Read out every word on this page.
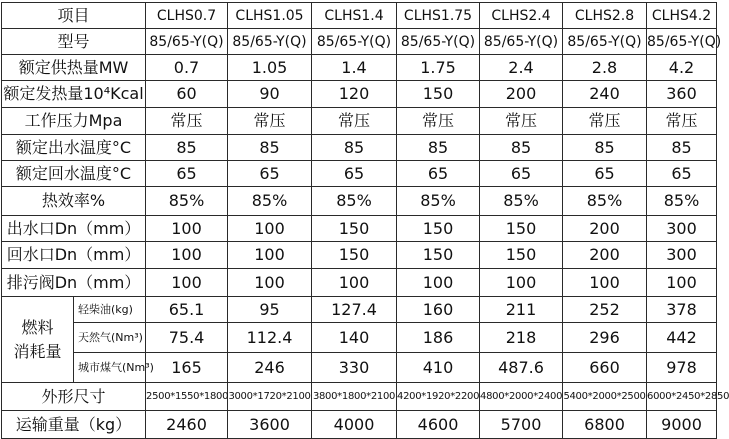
项目		CLHS0.7	CLHS1.05	CLHS1.4	CLHS1.75	CLHS2.4	CLHS2.8	CLHS4.2
型号		85/65-Y(Q)	85/65-Y(Q)	85/65-Y(Q)	85/65-Y(Q)	85/65-Y(Q)	85/65-Y(Q)	85/65-Y(Q)
额定供热量MW		0.7	1.05	1.4	1.75	2.4	2.8	4.2
额定发热量10⁴Kcal		60	90	120	150	200	240	360
工作压力Mpa		常压	常压	常压	常压	常压	常压	常压
额定出水温度°C		85	85	85	85	85	85	85
额定回水温度°C		65	65	65	65	65	65	65
热效率%		85%	85%	85%	85%	85%	85%	85%
出水口Dn（mm）		100	100	150	150	150	200	300
回水口Dn（mm）		100	100	150	150	150	200	300
排污阀Dn（mm）		100	100	100	100	100	100	100

燃料
消耗量	轻柴油(kg)	65.1	95	127.4	160	211	252	378
	天然气(Nm³)	75.4	112.4	140	186	218	296	442
	城市煤气(Nm³)	165	246	330	410	487.6	660	978
外形尺寸		2500*1550*1800	3000*1720*2100	3800*1800*2100	4200*1920*2200	4800*2000*2400	5400*2000*2500	6000*2450*2850
运输重量（kg）		2460	3600	4000	4600	5700	6800	9000
